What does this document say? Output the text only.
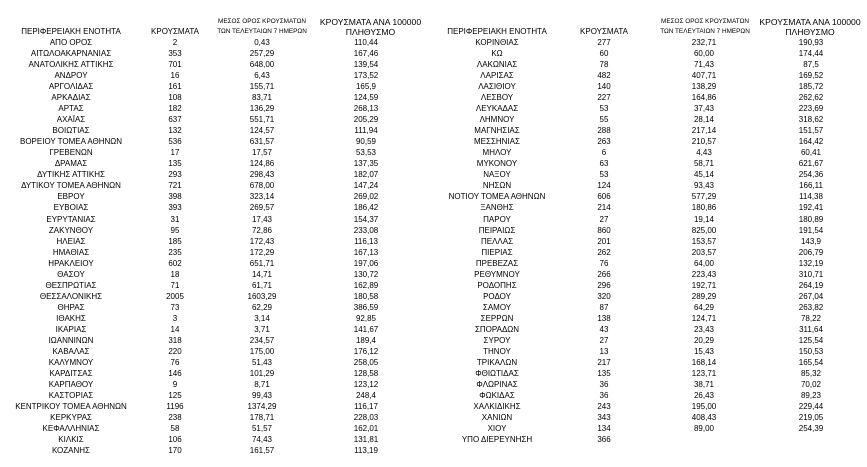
ΠΕΡΙΦΕΡΕΙΑΚΗ ΕΝΟΤΗΤΑ	ΚΡΟΥΣΜΑΤΑ
ΜΕΣΟΣ ΟΡΟΣ ΚΡΟΥΣΜΑΤΩΝ
ΤΩΝ ΤΕΛΕΥΤΑΙΩΝ 7 ΗΜΕΡΩΝ
ΚΡΟΥΣΜΑΤΑ ΑΝΑ 100000
ΠΛΗΘΥΣΜΟ
ΑΠΟ ΟΡΟΣ	2	0,43	110,44
ΑΙΤΩΛΟΑΚΑΡΝΑΝΙΑΣ	353	257,29	167,46
ΑΝΑΤΟΛΙΚΗΣ ΑΤΤΙΚΗΣ	701	648,00	139,54
ΑΝΔΡΟΥ	16	6,43	173,52
ΑΡΓΟΛΙΔΑΣ	161	155,71	165,9
ΑΡΚΑΔΙΑΣ	108	83,71	124,59
ΑΡΤΑΣ	182	136,29	268,13
ΑΧΑΪΑΣ	637	551,71	205,29
ΒΟΙΩΤΙΑΣ	132	124,57	111,94
ΒΟΡΕΙΟΥ ΤΟΜΕΑ ΑΘΗΝΩΝ	536	631,57	90,59
ΓΡΕΒΕΝΩΝ	17	17,57	53,53
ΔΡΑΜΑΣ	135	124,86	137,35
ΔΥΤΙΚΗΣ ΑΤΤΙΚΗΣ	293	298,43	182,07
ΔΥΤΙΚΟΥ ΤΟΜΕΑ ΑΘΗΝΩΝ	721	678,00	147,24
ΕΒΡΟΥ	398	323,14	269,02
ΕΥΒΟΙΑΣ	393	269,57	186,42
ΕΥΡΥΤΑΝΙΑΣ	31	17,43	154,37
ΖΑΚΥΝΘΟΥ	95	72,86	233,08
ΗΛΕΙΑΣ	185	172,43	116,13
ΗΜΑΘΙΑΣ	235	172,29	167,13
ΗΡΑΚΛΕΙΟΥ	602	651,71	197,06
ΘΑΣΟΥ	18	14,71	130,72
ΘΕΣΠΡΩΤΙΑΣ	71	61,71	162,89
ΘΕΣΣΑΛΟΝΙΚΗΣ	2005	1603,29	180,58
ΘΗΡΑΣ	73	62,29	386,59
ΙΘΑΚΗΣ	3	3,14	92,85
ΙΚΑΡΙΑΣ	14	3,71	141,67
ΙΩΑΝΝΙΝΩΝ	318	234,57	189,4
ΚΑΒΑΛΑΣ	220	175,00	176,12
ΚΑΛΥΜΝΟΥ	76	51,43	258,05
ΚΑΡΔΙΤΣΑΣ	146	101,29	128,58
ΚΑΡΠΑΘΟΥ	9	8,71	123,12
ΚΑΣΤΟΡΙΑΣ	125	99,43	248,4
ΚΕΝΤΡΙΚΟΥ ΤΟΜΕΑ ΑΘΗΝΩΝ	1196	1374,29	116,17
ΚΕΡΚΥΡΑΣ	238	178,71	228,03
ΚΕΦΑΛΛΗΝΙΑΣ	58	51,57	162,01
ΚΙΛΚΙΣ	106	74,43	131,81
ΚΟΖΑΝΗΣ	170	161,57	113,19
ΠΕΡΙΦΕΡΕΙΑΚΗ ΕΝΟΤΗΤΑ	ΚΡΟΥΣΜΑΤΑ
ΜΕΣΟΣ ΟΡΟΣ ΚΡΟΥΣΜΑΤΩΝ
ΤΩΝ ΤΕΛΕΥΤΑΙΩΝ 7 ΗΜΕΡΩΝ
ΚΡΟΥΣΜΑΤΑ ΑΝΑ 100000
ΠΛΗΘΥΣΜΟ
ΚΟΡΙΝΘΙΑΣ	277	232,71	190,93
ΚΩ	60	60,00	174,44
ΛΑΚΩΝΙΑΣ	78	71,43	87,5
ΛΑΡΙΣΑΣ	482	407,71	169,52
ΛΑΣΙΘΙΟΥ	140	138,29	185,72
ΛΕΣΒΟΥ	227	164,86	262,62
ΛΕΥΚΑΔΑΣ	53	37,43	223,69
ΛΗΜΝΟΥ	55	28,14	318,62
ΜΑΓΝΗΣΙΑΣ	288	217,14	151,57
ΜΕΣΣΗΝΙΑΣ	263	210,57	164,42
ΜΗΛΟΥ	6	4,43	60,41
ΜΥΚΟΝΟΥ	63	58,71	621,67
ΝΑΞΟΥ	53	45,14	254,36
ΝΗΣΩΝ	124	93,43	166,11
ΝΟΤΙΟΥ ΤΟΜΕΑ ΑΘΗΝΩΝ	606	577,29	114,38
ΞΑΝΘΗΣ	214	180,86	192,41
ΠΑΡΟΥ	27	19,14	180,89
ΠΕΙΡΑΙΩΣ	860	825,00	191,54
ΠΕΛΛΑΣ	201	153,57	143,9
ΠΙΕΡΙΑΣ	262	203,57	206,79
ΠΡΕΒΕΖΑΣ	76	64,00	132,19
ΡΕΘΥΜΝΟΥ	266	223,43	310,71
ΡΟΔΟΠΗΣ	296	192,71	264,19
ΡΟΔΟΥ	320	289,29	267,04
ΣΑΜΟΥ	87	64,29	263,82
ΣΕΡΡΩΝ	138	124,71	78,22
ΣΠΟΡΑΔΩΝ	43	23,43	311,64
ΣΥΡΟΥ	27	20,29	125,54
ΤΗΝΟΥ	13	15,43	150,53
ΤΡΙΚΑΛΩΝ	217	168,14	165,54
ΦΘΙΩΤΙΔΑΣ	135	123,71	85,32
ΦΛΩΡΙΝΑΣ	36	38,71	70,02
ΦΩΚΙΔΑΣ	36	26,43	89,23
ΧΑΛΚΙΔΙΚΗΣ	243	195,00	229,44
ΧΑΝΙΩΝ	343	408,43	219,05
ΧΙΟΥ	134	89,00	254,39
ΥΠΟ ΔΙΕΡΕΥΝΗΣΗ	366
